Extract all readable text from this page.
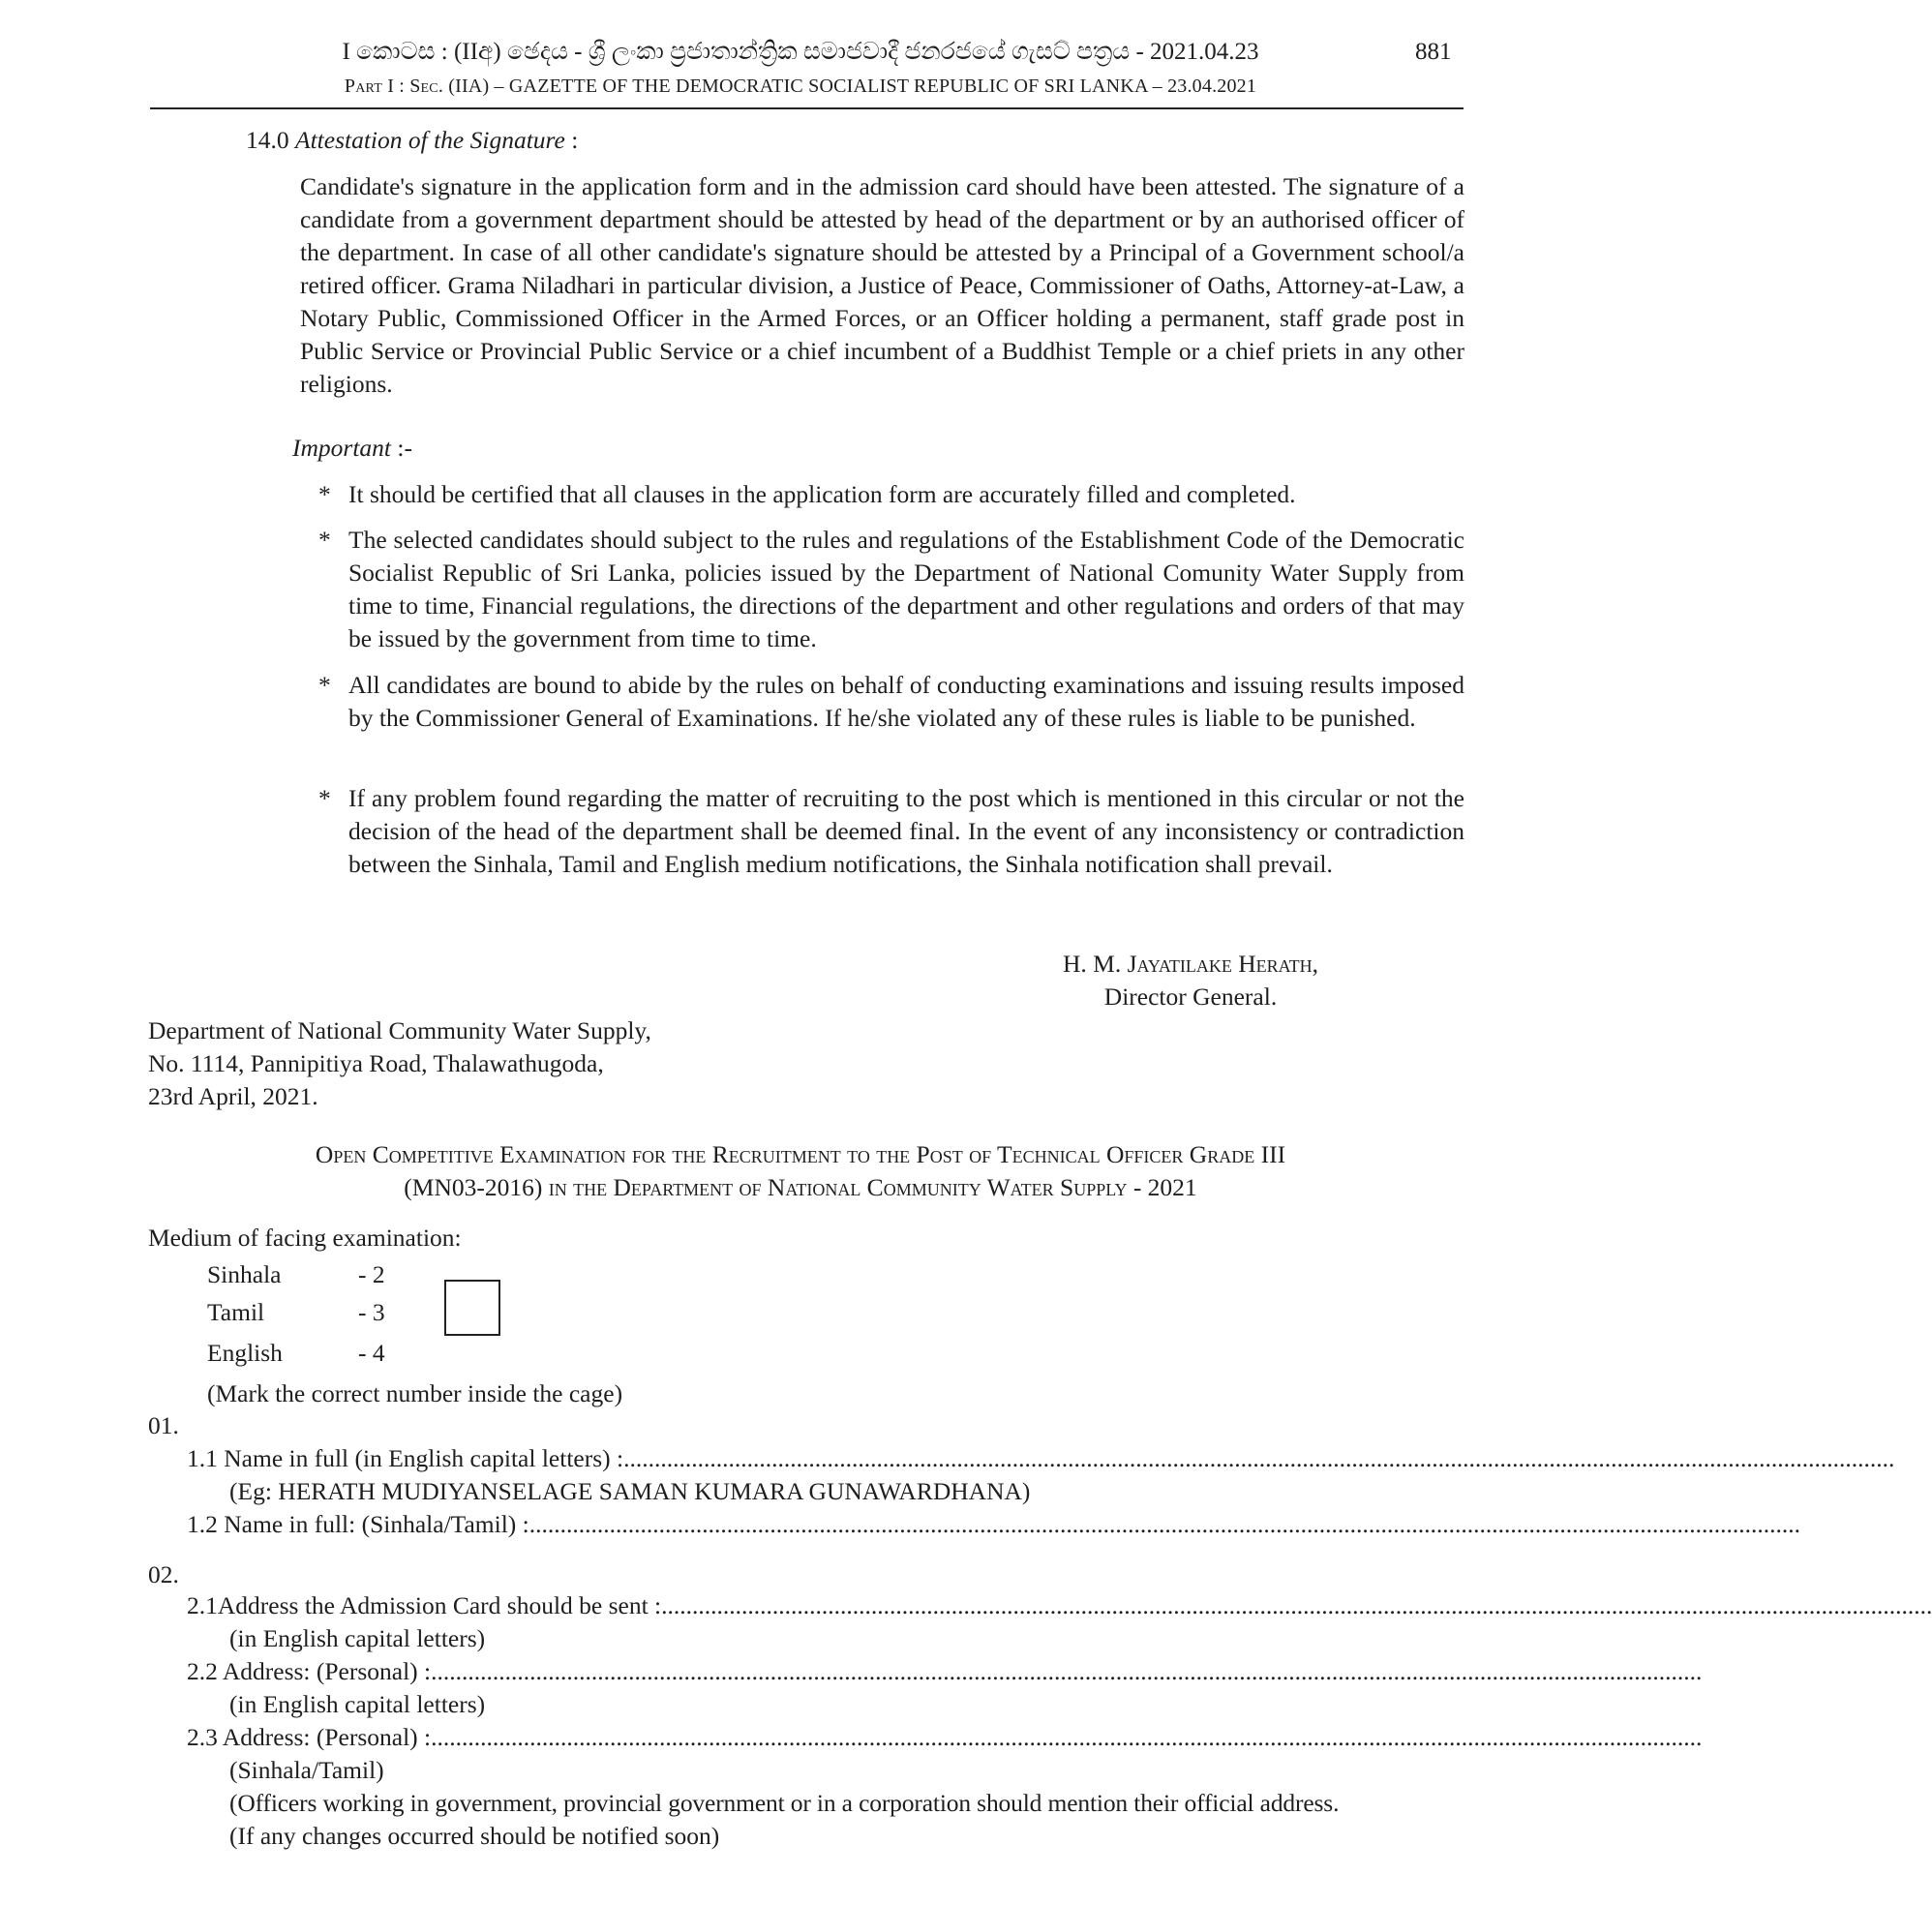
I කොටස : (IIඅ) ඡෙදය - ශ්‍රී ලංකා ප්‍රජාතාන්ත්‍රික සමාජවාදී ජනරජයේ ගැසට් පත්‍රය - 2021.04.23	881
Part I : Sec. (IIA) – GAZETTE OF THE DEMOCRATIC SOCIALIST REPUBLIC OF SRI LANKA – 23.04.2021
14.0 Attestation of the Signature :
Candidate's signature in the application form and in the admission card should have been attested. The signature of a candidate from a government department should be attested by head of the department or by an authorised officer of the department. In case of all other candidate's signature should be attested by a Principal of a Government school/a retired officer. Grama Niladhari in particular division, a Justice of Peace, Commissioner of Oaths, Attorney-at-Law, a Notary Public, Commissioned Officer in the Armed Forces, or an Officer holding a permanent, staff grade post in Public Service or Provincial Public Service or a chief incumbent of a Buddhist Temple or a chief priets in any other religions.
Important :-
* It should be certified that all clauses in the application form are accurately filled and completed.
* The selected candidates should subject to the rules and regulations of the Establishment Code of the Democratic Socialist Republic of Sri Lanka, policies issued by the Department of National Comunity Water Supply from time to time, Financial regulations, the directions of the department and other regulations and orders of that may be issued by the government from time to time.
* All candidates are bound to abide by the rules on behalf of conducting examinations and issuing results imposed by the Commissioner General of Examinations. If he/she violated any of these rules is liable to be punished.
* If any problem found regarding the matter of recruiting to the post which is mentioned in this circular or not the decision of the head of the department shall be deemed final. In the event of any inconsistency or contradiction between the Sinhala, Tamil and English medium notifications, the Sinhala notification shall prevail.
H. M. Jayatilake Herath,
Director General.
Department of National Community Water Supply,
No. 1114, Pannipitiya Road, Thalawathugoda,
23rd April, 2021.
Open Competitive Examination for the Recruitment to the Post of Technical Officer Grade III
(MN03-2016) in the Department of National Community Water Supply - 2021
Medium of facing examination:
Sinhala	- 2
Tamil	- 3
English	- 4
(Mark the correct number inside the cage)
01.
1.1 Name in full (in English capital letters) :..............................................................................................................................................................................................................
(Eg: HERATH MUDIYANSELAGE SAMAN KUMARA GUNAWARDHANA)
1.2 Name in full: (Sinhala/Tamil) :..............................................................................................................................................................................................................
02.
2.1Address the Admission Card should be sent :..............................................................................................................................................................................................................
(in English capital letters)
2.2 Address: (Personal) :..............................................................................................................................................................................................................
(in English capital letters)
2.3 Address: (Personal) :..............................................................................................................................................................................................................
(Sinhala/Tamil)
(Officers working in government, provincial government or in a corporation should mention their official address.
(If any changes occurred should be notified soon)
